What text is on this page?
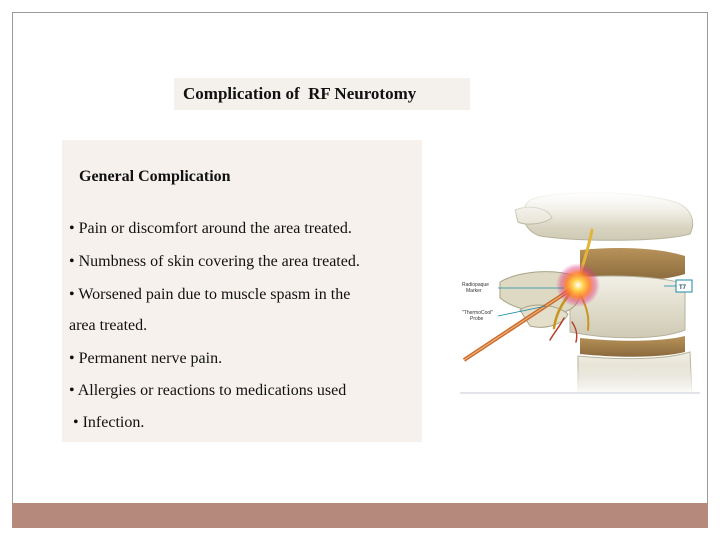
Complication of  RF Neurotomy
General Complication
• Pain or discomfort around the area treated.
• Numbness of skin covering the area treated.
• Worsened pain due to muscle spasm in the
area treated.
• Permanent nerve pain.
• Allergies or reactions to medications used
• Infection.
